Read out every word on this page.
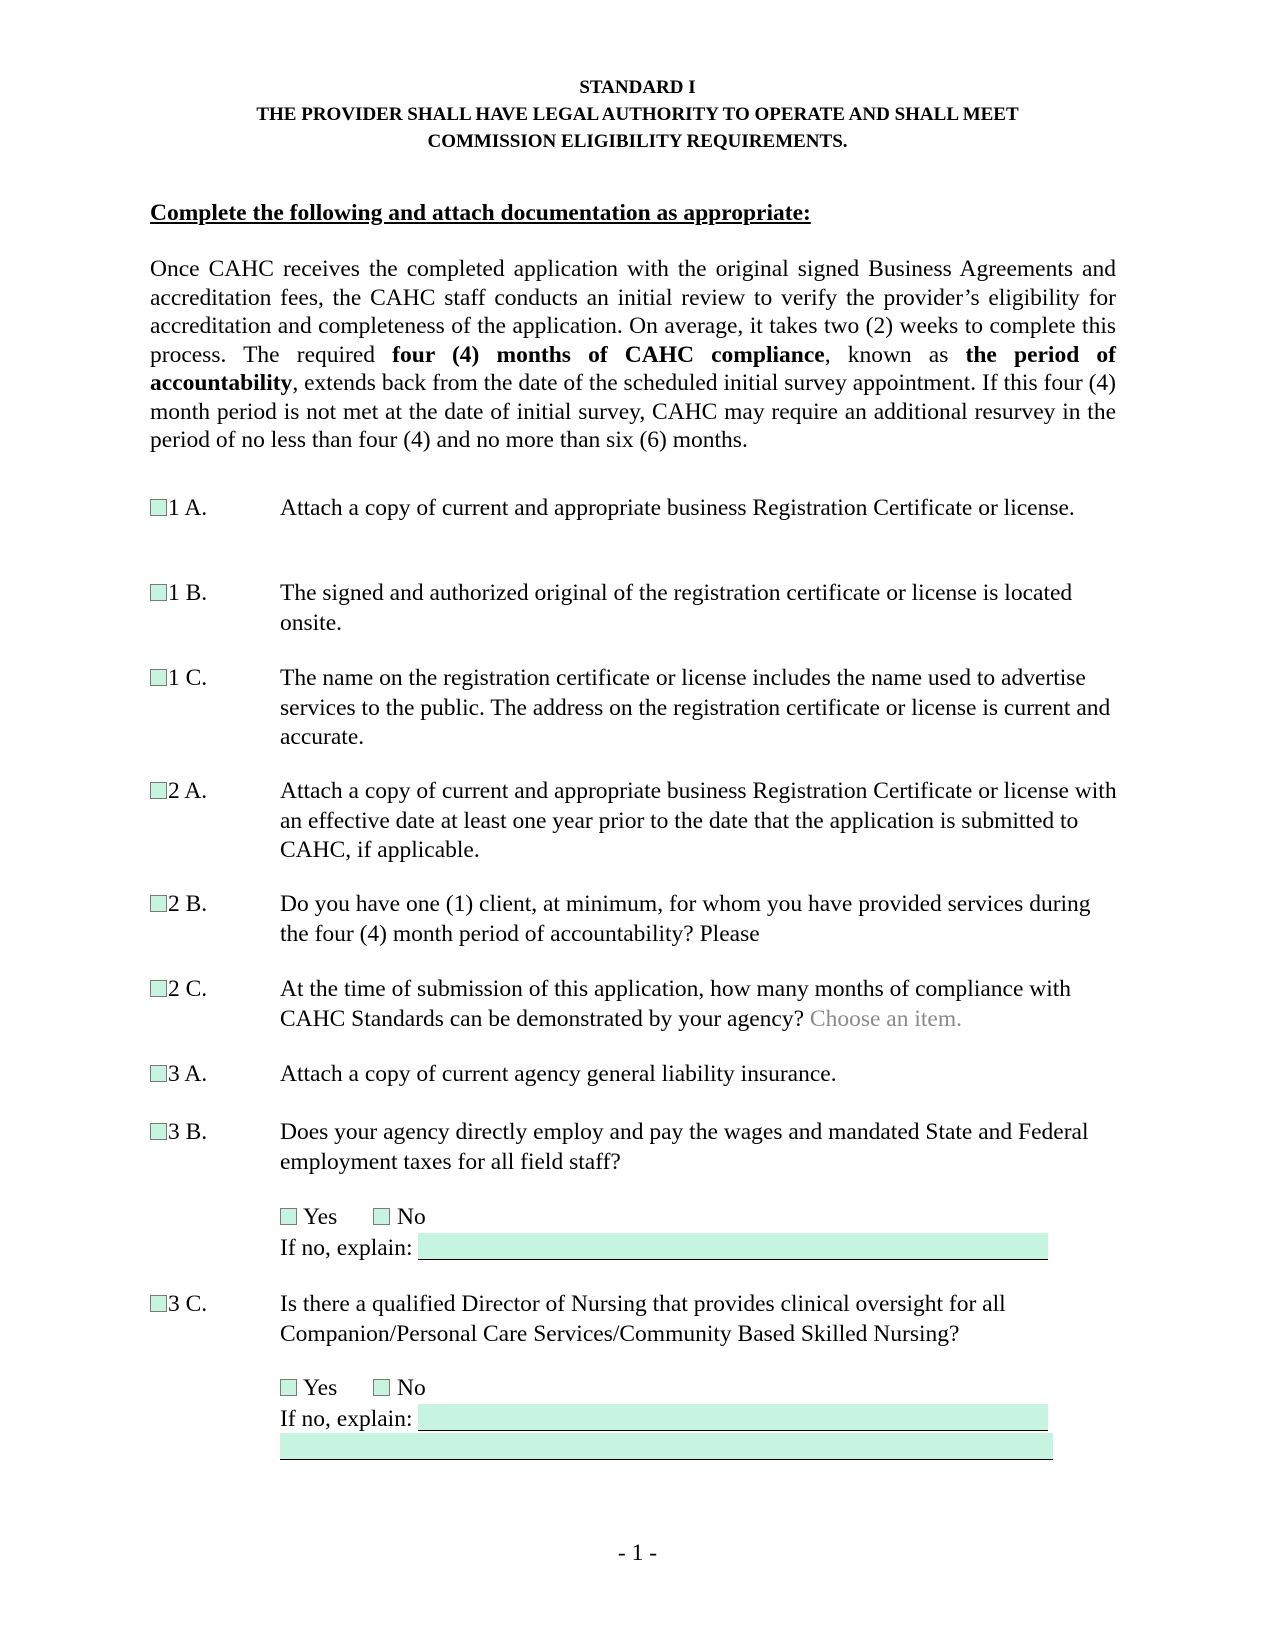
STANDARD I
THE PROVIDER SHALL HAVE LEGAL AUTHORITY TO OPERATE AND SHALL MEET
COMMISSION ELIGIBILITY REQUIREMENTS.
Complete the following and attach documentation as appropriate:
Once CAHC receives the completed application with the original signed Business Agreements and accreditation fees, the CAHC staff conducts an initial review to verify the provider’s eligibility for accreditation and completeness of the application. On average, it takes two (2) weeks to complete this process. The required four (4) months of CAHC compliance, known as the period of accountability, extends back from the date of the scheduled initial survey appointment. If this four (4) month period is not met at the date of initial survey, CAHC may require an additional resurvey in the period of no less than four (4) and no more than six (6) months.
1 A.	Attach a copy of current and appropriate business Registration Certificate or license.
1 B.	The signed and authorized original of the registration certificate or license is located onsite.
1 C.	The name on the registration certificate or license includes the name used to advertise services to the public. The address on the registration certificate or license is current and accurate.
2 A.	Attach a copy of current and appropriate business Registration Certificate or license with an effective date at least one year prior to the date that the application is submitted to CAHC, if applicable.
2 B.	Do you have one (1) client, at minimum, for whom you have provided services during the four (4) month period of accountability? Please
2 C.	At the time of submission of this application, how many months of compliance with CAHC Standards can be demonstrated by your agency? Choose an item.
3 A.	Attach a copy of current agency general liability insurance.
3 B.	Does your agency directly employ and pay the wages and mandated State and Federal employment taxes for all field staff?
Yes	No
If no, explain:
3 C.	Is there a qualified Director of Nursing that provides clinical oversight for all Companion/Personal Care Services/Community Based Skilled Nursing?
Yes	No
If no, explain:
- 1 -
